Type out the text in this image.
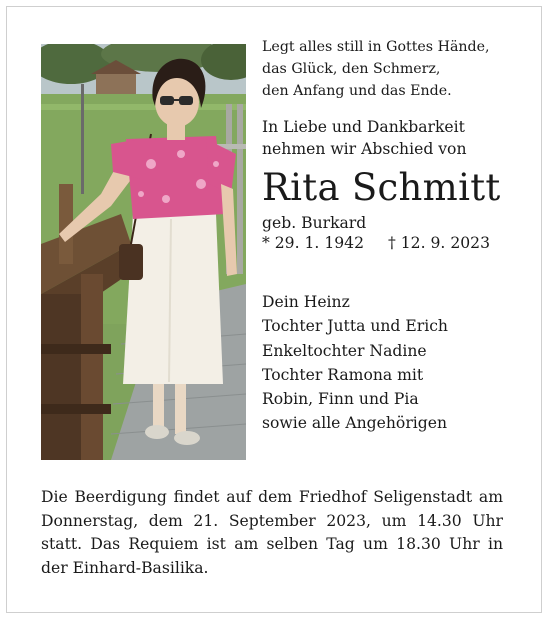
Legt alles still in Gottes Hände,
das Glück, den Schmerz,
den Anfang und das Ende.
In Liebe und Dankbarkeit
nehmen wir Abschied von
Rita Schmitt
geb. Burkard
* 29. 1. 1942 † 12. 9. 2023
Dein Heinz
Tochter Jutta und Erich
Enkeltochter Nadine
Tochter Ramona mit
Robin, Finn und Pia
sowie alle Angehörigen
Die Beerdigung findet auf dem Friedhof Seligenstadt am
Donnerstag, dem 21. September 2023, um 14.30 Uhr
statt. Das Requiem ist am selben Tag um 18.30 Uhr in
der Einhard-Basilika.
